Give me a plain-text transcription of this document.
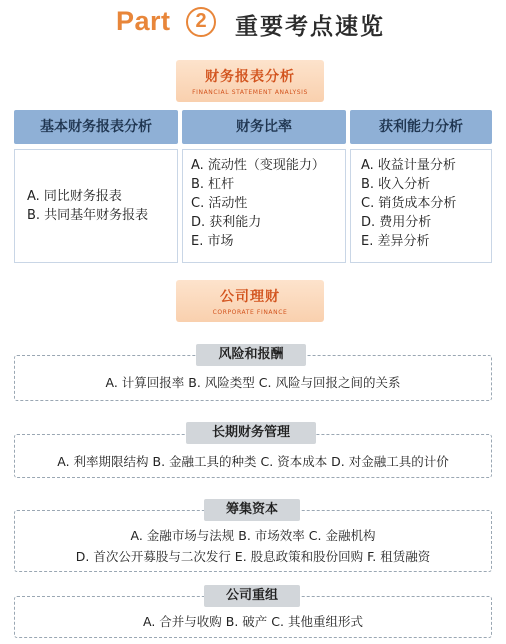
Part	2	重要考点速览
财务报表分析
FINANCIAL STATEMENT ANALYSIS
基本财务报表分析
A. 同比财务报表
B. 共同基年财务报表
财务比率
A. 流动性（变现能力）
B. 杠杆
C. 活动性
D. 获利能力
E. 市场
获利能力分析
A. 收益计量分析
B. 收入分析
C. 销货成本分析
D. 费用分析
E. 差异分析
公司理财
CORPORATE FINANCE
A. 计算回报率 B. 风险类型 C. 风险与回报之间的关系
风险和报酬
A. 利率期限结构 B. 金融工具的种类 C. 资本成本 D. 对金融工具的计价
长期财务管理
A. 金融市场与法规 B. 市场效率 C. 金融机构
D. 首次公开募股与二次发行 E. 股息政策和股份回购 F. 租赁融资
筹集资本
A. 合并与收购 B. 破产 C. 其他重组形式
公司重组
